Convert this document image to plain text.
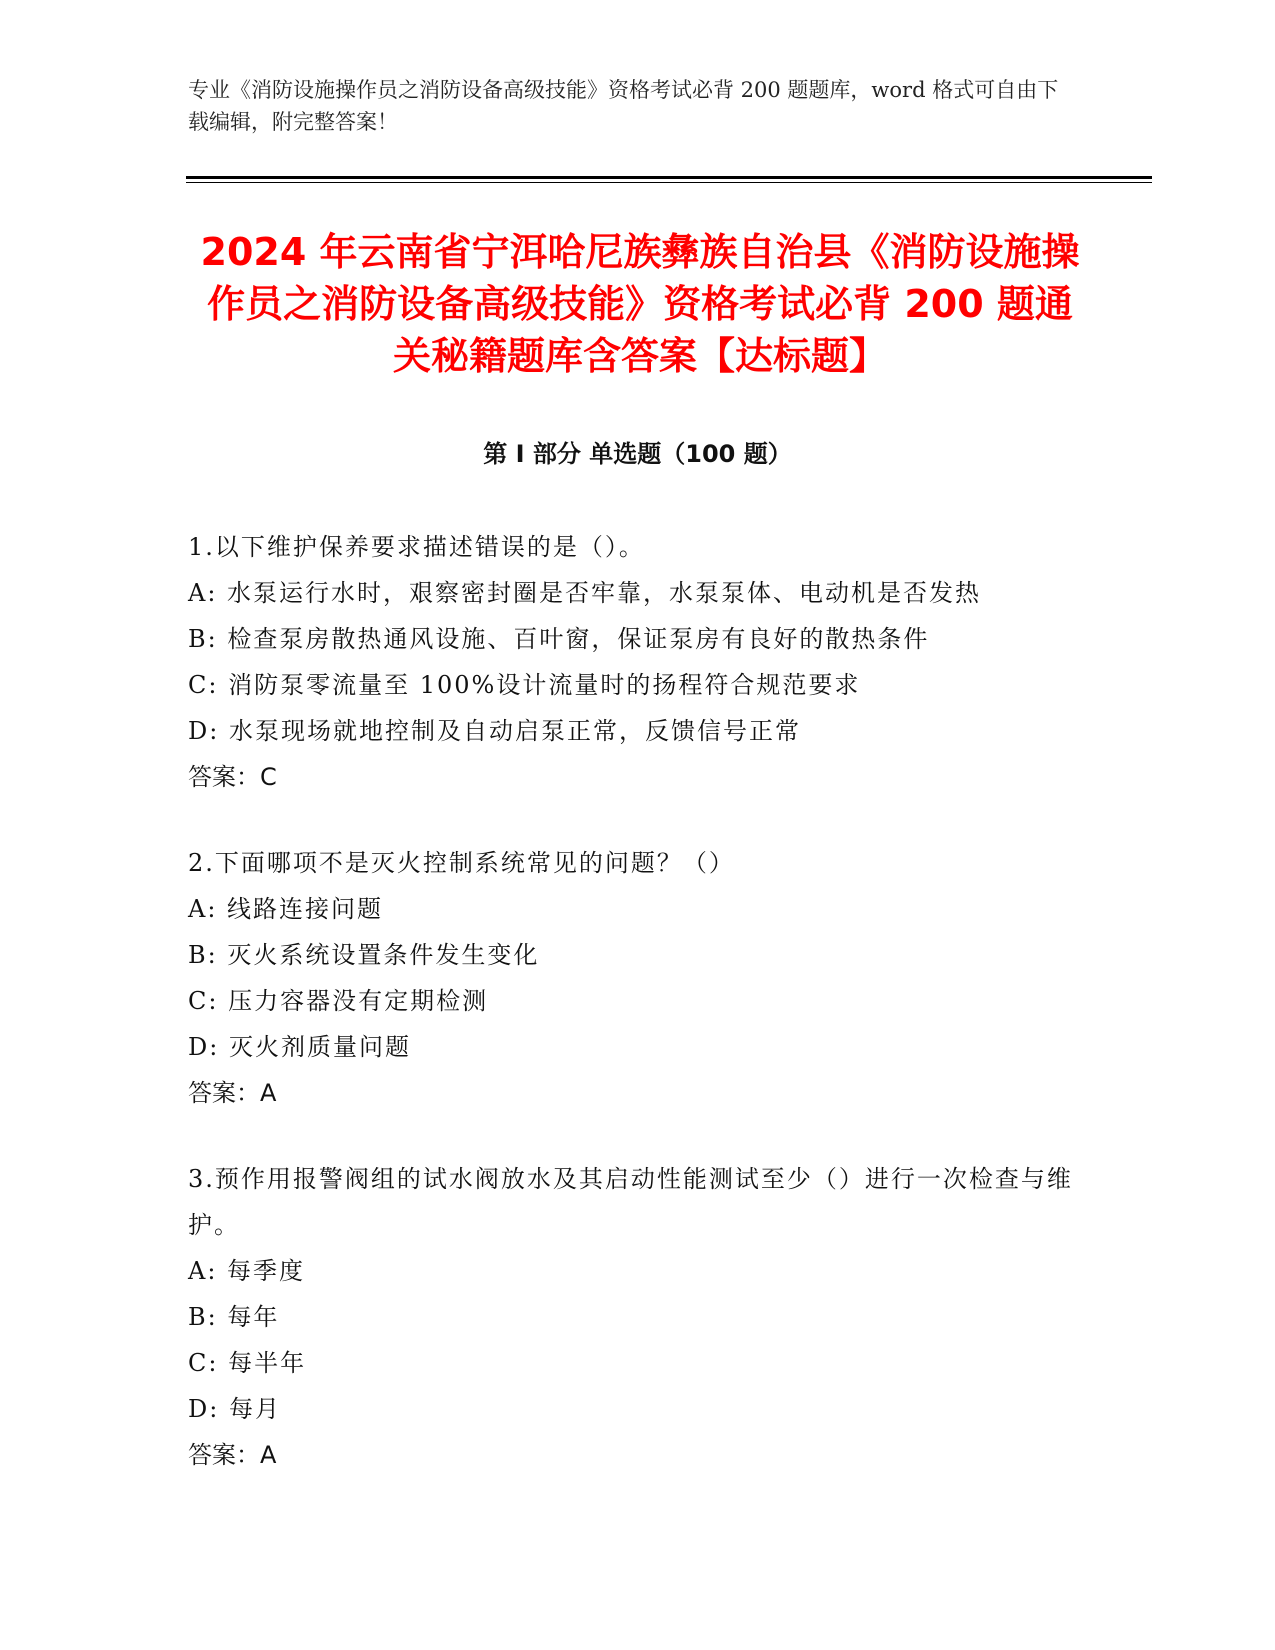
专业《消防设施操作员之消防设备高级技能》资格考试必背 200 题题库，word 格式可自由下载编辑，附完整答案！
2024 年云南省宁洱哈尼族彝族自治县《消防设施操作员之消防设备高级技能》资格考试必背 200 题通关秘籍题库含答案【达标题】
第 I 部分 单选题（100 题）
1.以下维护保养要求描述错误的是（）。
A: 水泵运行水时，艰察密封圈是否牢靠，水泵泵体、电动机是否发热
B: 检查泵房散热通风设施、百叶窗，保证泵房有良好的散热条件
C: 消防泵零流量至 100%设计流量时的扬程符合规范要求
D: 水泵现场就地控制及自动启泵正常，反馈信号正常
答案：C
2.下面哪项不是灭火控制系统常见的问题？（）
A: 线路连接问题
B: 灭火系统设置条件发生变化
C: 压力容器没有定期检测
D: 灭火剂质量问题
答案：A
3.预作用报警阀组的试水阀放水及其启动性能测试至少（）进行一次检查与维护。
A: 每季度
B: 每年
C: 每半年
D: 每月
答案：A
